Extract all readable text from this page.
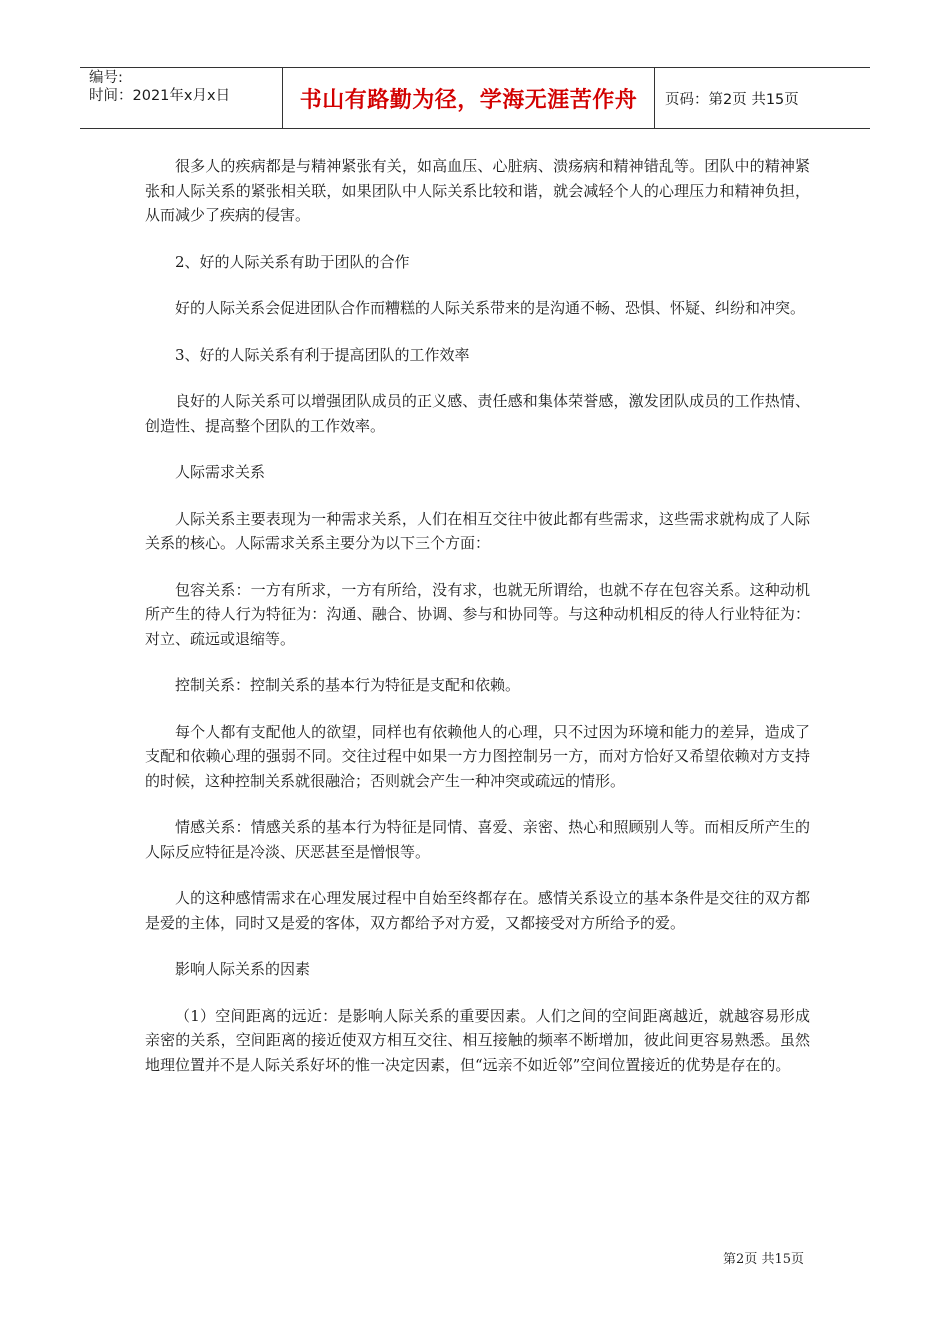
编号:
时间：2021年x月x日	书山有路勤为径，学海无涯苦作舟	页码：第2页 共15页

很多人的疾病都是与精神紧张有关，如高血压、心脏病、溃疡病和精神错乱等。团队中的精神紧张和人际关系的紧张相关联，如果团队中人际关系比较和谐，就会减轻个人的心理压力和精神负担，从而减少了疾病的侵害。

2、好的人际关系有助于团队的合作

好的人际关系会促进团队合作而糟糕的人际关系带来的是沟通不畅、恐惧、怀疑、纠纷和冲突。

3、好的人际关系有利于提高团队的工作效率

良好的人际关系可以增强团队成员的正义感、责任感和集体荣誉感，激发团队成员的工作热情、创造性、提高整个团队的工作效率。

人际需求关系

人际关系主要表现为一种需求关系，人们在相互交往中彼此都有些需求，这些需求就构成了人际关系的核心。人际需求关系主要分为以下三个方面：

包容关系：一方有所求，一方有所给，没有求，也就无所谓给，也就不存在包容关系。这种动机所产生的待人行为特征为：沟通、融合、协调、参与和协同等。与这种动机相反的待人行业特征为：对立、疏远或退缩等。

控制关系：控制关系的基本行为特征是支配和依赖。

每个人都有支配他人的欲望，同样也有依赖他人的心理，只不过因为环境和能力的差异，造成了支配和依赖心理的强弱不同。交往过程中如果一方力图控制另一方，而对方恰好又希望依赖对方支持的时候，这种控制关系就很融洽；否则就会产生一种冲突或疏远的情形。

情感关系：情感关系的基本行为特征是同情、喜爱、亲密、热心和照顾别人等。而相反所产生的人际反应特征是冷淡、厌恶甚至是憎恨等。

人的这种感情需求在心理发展过程中自始至终都存在。感情关系设立的基本条件是交往的双方都是爱的主体，同时又是爱的客体，双方都给予对方爱，又都接受对方所给予的爱。

影响人际关系的因素

（1）空间距离的远近：是影响人际关系的重要因素。人们之间的空间距离越近，就越容易形成亲密的关系，空间距离的接近使双方相互交往、相互接触的频率不断增加，彼此间更容易熟悉。虽然地理位置并不是人际关系好坏的惟一决定因素，但“远亲不如近邻”空间位置接近的优势是存在的。

第2页 共15页
